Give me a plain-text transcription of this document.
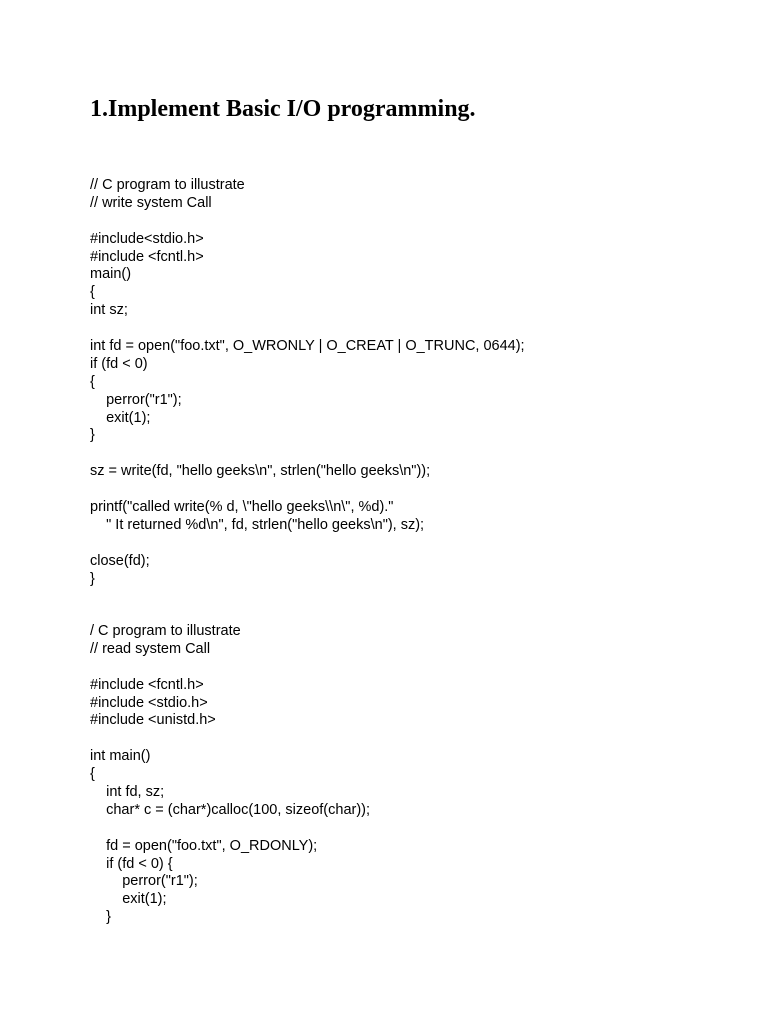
1.Implement Basic I/O programming.
// C program to illustrate
// write system Call
#include<stdio.h>
#include <fcntl.h>
main()
{
int sz;
int fd = open("foo.txt", O_WRONLY | O_CREAT | O_TRUNC, 0644);
if (fd < 0)
{
perror("r1");
exit(1);
}
sz = write(fd, "hello geeks\n", strlen("hello geeks\n"));
printf("called write(% d, \"hello geeks\\n\", %d)."
" It returned %d\n", fd, strlen("hello geeks\n"), sz);
close(fd);
}
/ C program to illustrate
// read system Call
#include <fcntl.h>
#include <stdio.h>
#include <unistd.h>
int main()
{
int fd, sz;
char* c = (char*)calloc(100, sizeof(char));
fd = open("foo.txt", O_RDONLY);
if (fd < 0) {
perror("r1");
exit(1);
}
